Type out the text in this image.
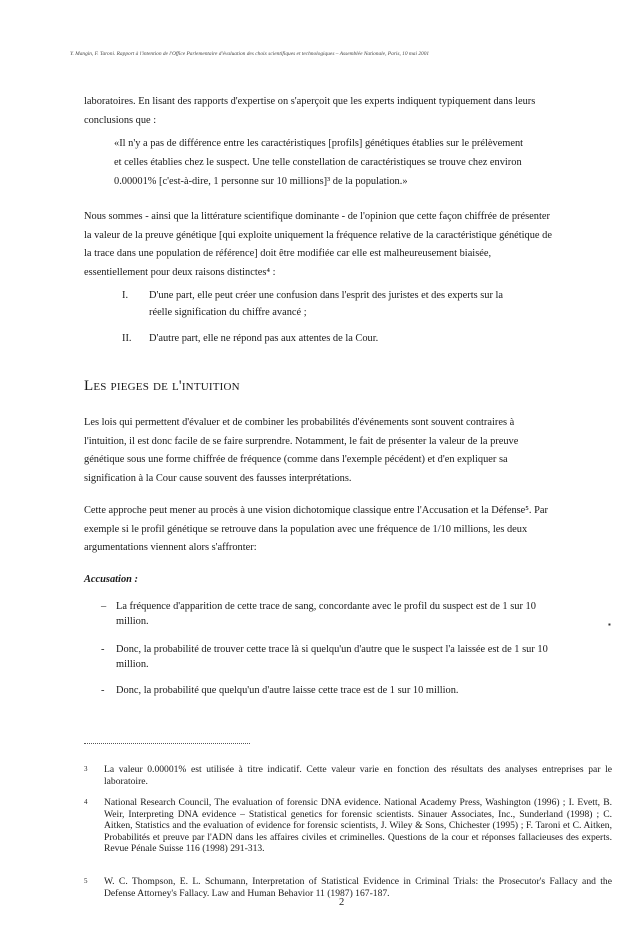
Y. Mangin, F. Taroni. Rapport à l'intention de l'Office Parlementaire d'évaluation des choix scientifiques et technologiques – Assemblée Nationale, Paris, 10 mai 2001
laboratoires. En lisant des rapports d'expertise on s'aperçoit que les experts indiquent typiquement dans leurs
conclusions que :
«Il n'y a pas de différence entre les caractéristiques [profils] génétiques établies sur le prélèvement
et celles établies chez le suspect. Une telle constellation de caractéristiques se trouve chez environ
0.00001% [c'est-à-dire, 1 personne sur 10 millions]³ de la population.»
Nous sommes - ainsi que la littérature scientifique dominante - de l'opinion que cette façon chiffrée de présenter
la valeur de la preuve génétique [qui exploite uniquement la fréquence relative de la caractéristique génétique de
la trace dans une population de référence] doit être modifiée car elle est malheureusement biaisée,
essentiellement pour deux raisons distinctes⁴ :
I. D'une part, elle peut créer une confusion dans l'esprit des juristes et des experts sur la
réelle signification du chiffre avancé ;
II. D'autre part, elle ne répond pas aux attentes de la Cour.
Les pieges de l'intuition
Les lois qui permettent d'évaluer et de combiner les probabilités d'événements sont souvent contraires à
l'intuition, il est donc facile de se faire surprendre. Notamment, le fait de présenter la valeur de la preuve
génétique sous une forme chiffrée de fréquence (comme dans l'exemple pécédent) et d'en expliquer sa
signification à la Cour cause souvent des fausses interprétations.
Cette approche peut mener au procès à une vision dichotomique classique entre l'Accusation et la Défense⁵. Par
exemple si le profil génétique se retrouve dans la population avec une fréquence de 1/10 millions, les deux
argumentations viennent alors s'affronter:
Accusation :
– La fréquence d'apparition de cette trace de sang, concordante avec le profil du suspect est de 1 sur 10
million.	▪
- Donc, la probabilité de trouver cette trace là si quelqu'un d'autre que le suspect l'a laissée est de 1 sur 10
million.
- Donc, la probabilité que quelqu'un d'autre laisse cette trace est de 1 sur 10 million.
3 La valeur 0.00001% est utilisée à titre indicatif. Cette valeur varie en fonction des résultats des analyses entreprises par le laboratoire.
4 National Research Council, The evaluation of forensic DNA evidence. National Academy Press, Washington (1996) ; I. Evett, B. Weir, Interpreting DNA evidence – Statistical genetics for forensic scientists. Sinauer Associates, Inc., Sunderland (1998) ; C. Aitken, Statistics and the evaluation of evidence for forensic scientists, J. Wiley & Sons, Chichester (1995) ; F. Taroni et C. Aitken, Probabilités et preuve par l'ADN dans les affaires civiles et criminelles. Questions de la cour et réponses fallacieuses des experts. Revue Pénale Suisse 116 (1998) 291-313.
5 W. C. Thompson, E. L. Schumann, Interpretation of Statistical Evidence in Criminal Trials: the Prosecutor's Fallacy and the Defense Attorney's Fallacy. Law and Human Behavior 11 (1987) 167-187.
2
